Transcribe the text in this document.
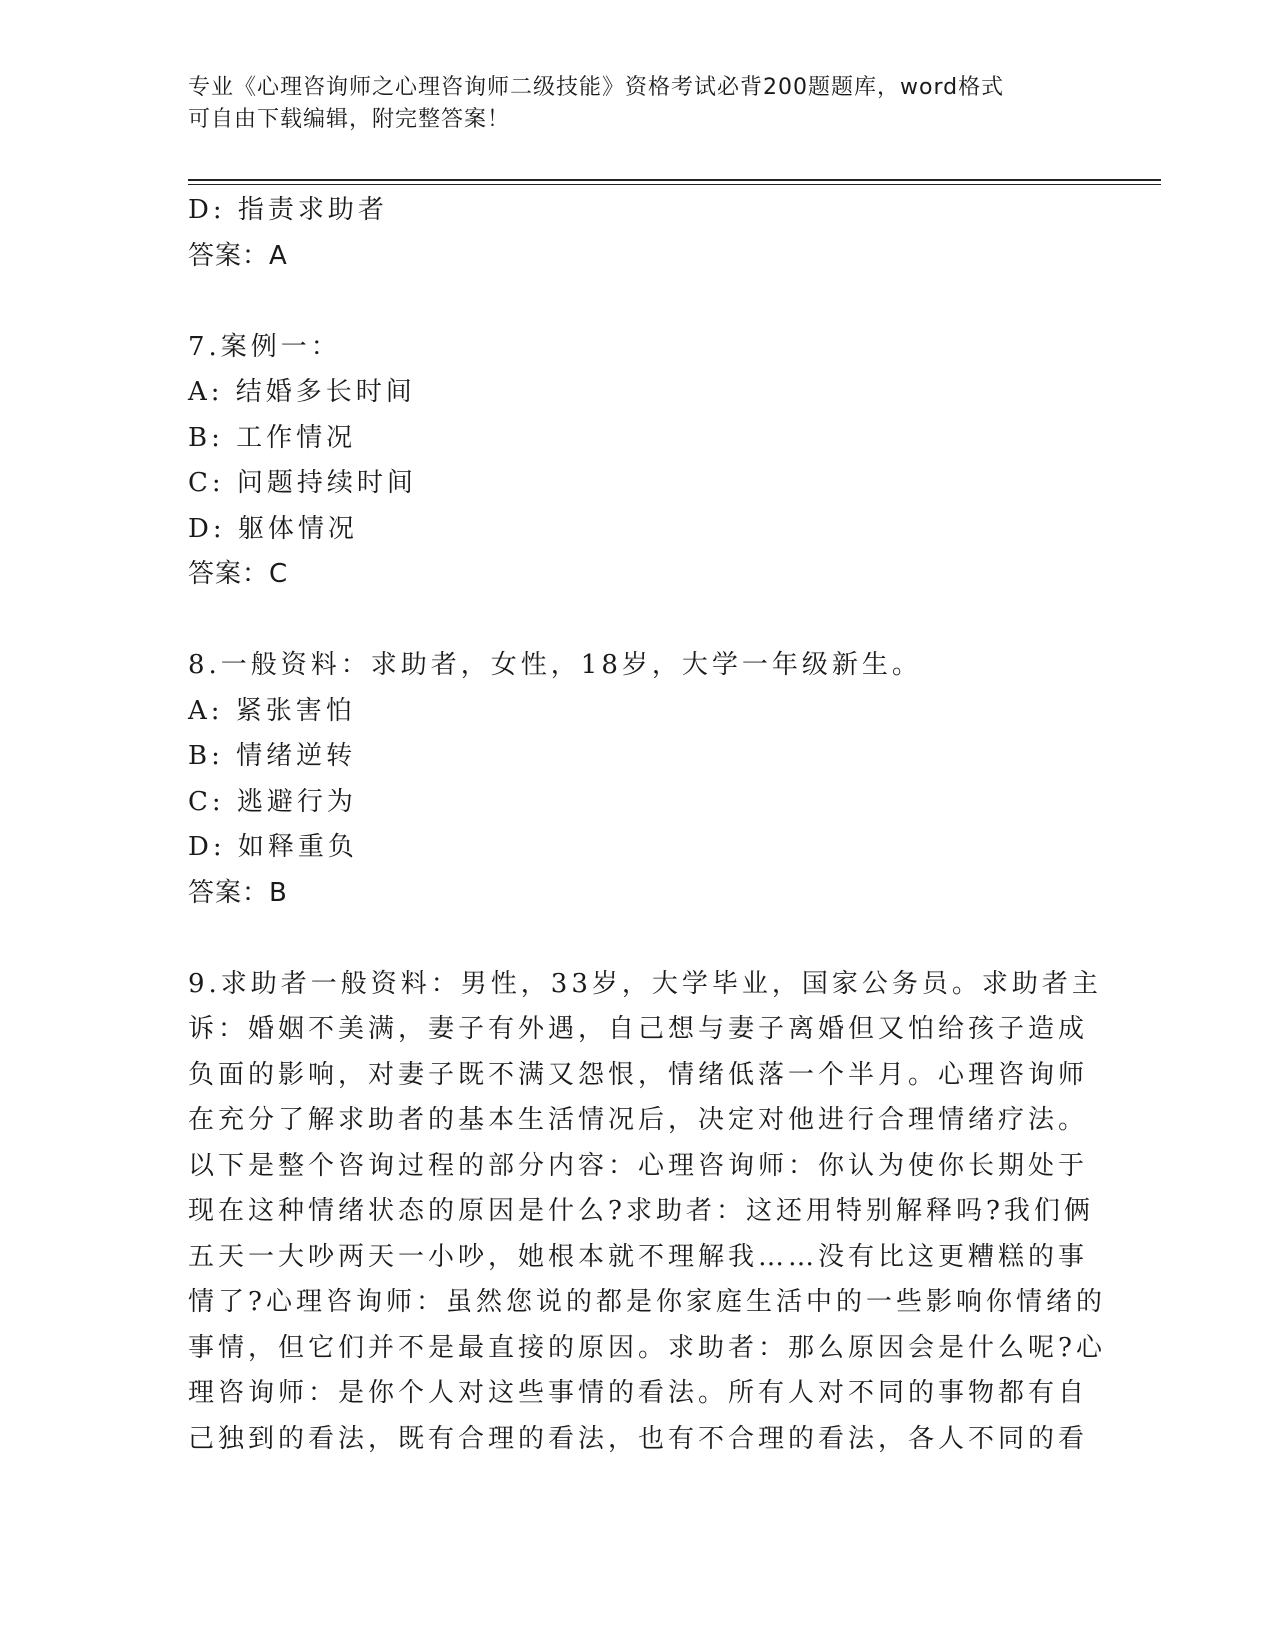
专业《心理咨询师之心理咨询师二级技能》资格考试必背200题题库，word格式
可自由下载编辑，附完整答案！
D: 指责求助者
答案：A
7.案例一：
A: 结婚多长时间
B: 工作情况
C: 问题持续时间
D: 躯体情况
答案：C
8.一般资料：求助者，女性，18岁，大学一年级新生。
A: 紧张害怕
B: 情绪逆转
C: 逃避行为
D: 如释重负
答案：B
9.求助者一般资料：男性，33岁，大学毕业，国家公务员。求助者主
诉：婚姻不美满，妻子有外遇，自己想与妻子离婚但又怕给孩子造成
负面的影响，对妻子既不满又怨恨，情绪低落一个半月。心理咨询师
在充分了解求助者的基本生活情况后，决定对他进行合理情绪疗法。
以下是整个咨询过程的部分内容：心理咨询师：你认为使你长期处于
现在这种情绪状态的原因是什么?求助者：这还用特别解释吗?我们俩
五天一大吵两天一小吵，她根本就不理解我……没有比这更糟糕的事
情了?心理咨询师：虽然您说的都是你家庭生活中的一些影响你情绪的
事情，但它们并不是最直接的原因。求助者：那么原因会是什么呢?心
理咨询师：是你个人对这些事情的看法。所有人对不同的事物都有自
己独到的看法，既有合理的看法，也有不合理的看法，各人不同的看
